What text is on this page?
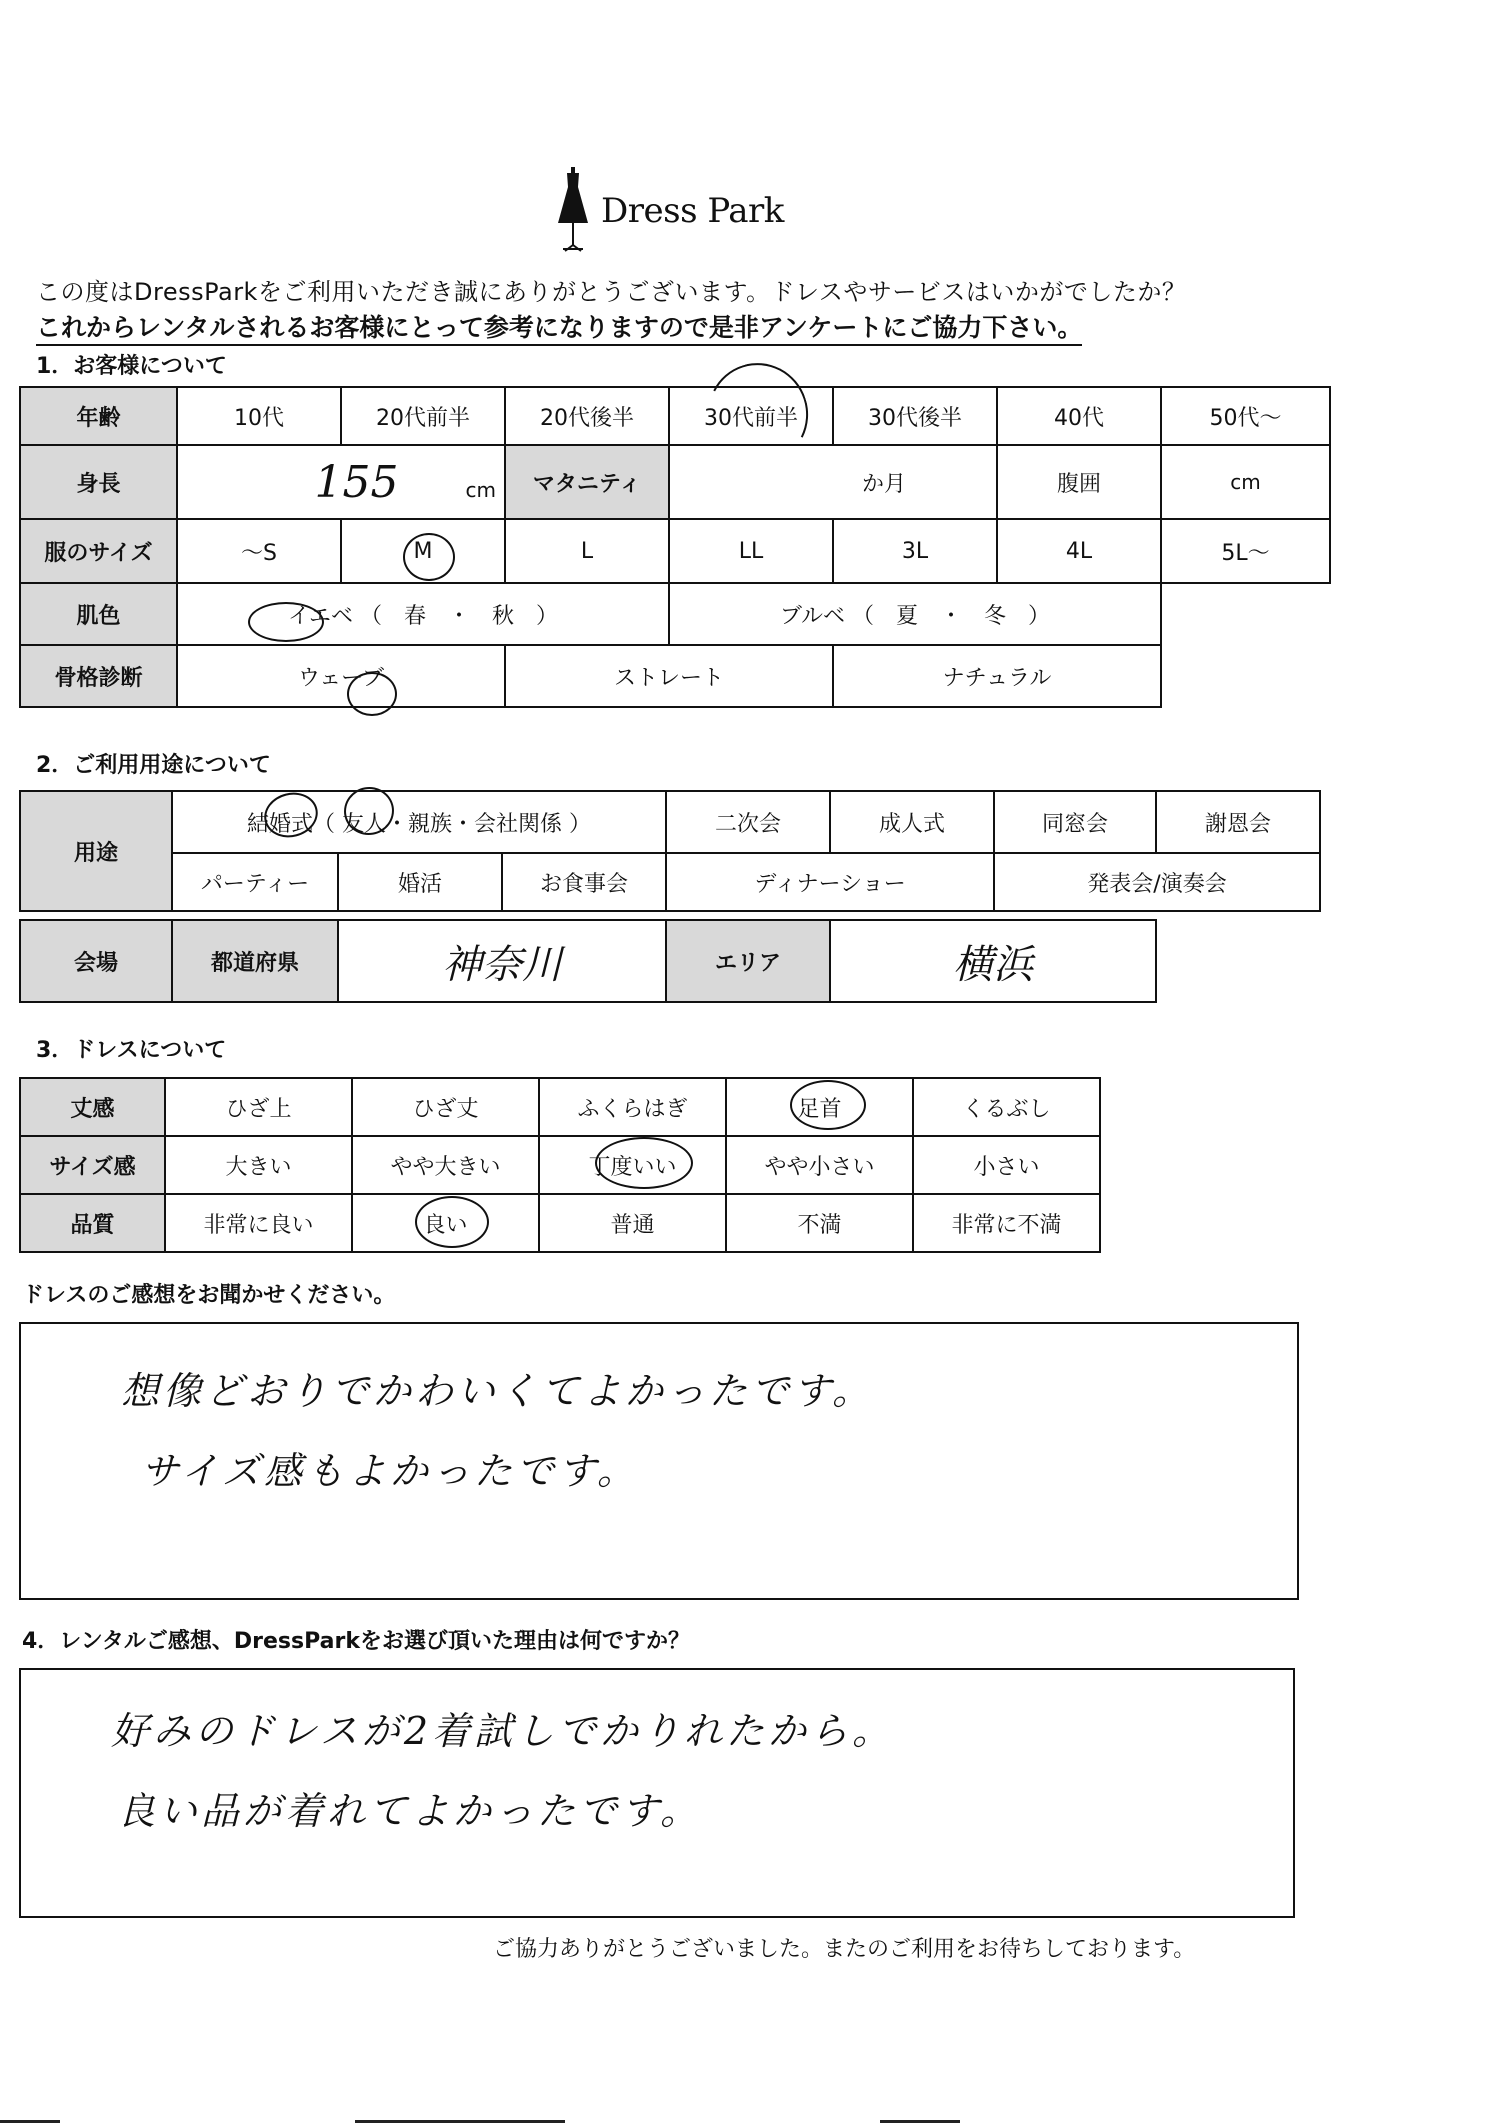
Dress Park
この度はDressParkをご利用いただき誠にありがとうございます。ドレスやサービスはいかがでしたか？
これからレンタルされるお客様にとって参考になりますので是非アンケートにご協力下さい。
1．お客様について
年齢	10代	20代前半	20代後半	30代前半	30代後半	40代	50代～
身長	155 cm		マタニティ	か月		腹囲	cm
服のサイズ	～S	M	L	LL	3L	4L	5L～
肌色	イエベ （　春　・　秋　）			ブルベ （　夏　・　冬　）			
骨格診断	ウェーブ		ストレート		ナチュラル		
2．ご利用用途について
用途	結婚式（ 友人・親族・会社関係 ）			二次会	成人式	同窓会	謝恩会
	パーティー	婚活	お食事会	ディナーショー		発表会/演奏会	
会場	都道府県	神奈川	エリア	横浜
3．ドレスについて
丈感	ひざ上	ひざ丈	ふくらはぎ	足首	くるぶし
サイズ感	大きい	やや大きい	丁度いい	やや小さい	小さい
品質	非常に良い	良い	普通	不満	非常に不満
ドレスのご感想をお聞かせください。
想像どおりでかわいくてよかったです。
サイズ感もよかったです。
4．レンタルご感想、DressParkをお選び頂いた理由は何ですか？
好みのドレスが2着試しでかりれたから。
良い品が着れてよかったです。
ご協力ありがとうございました。またのご利用をお待ちしております。
